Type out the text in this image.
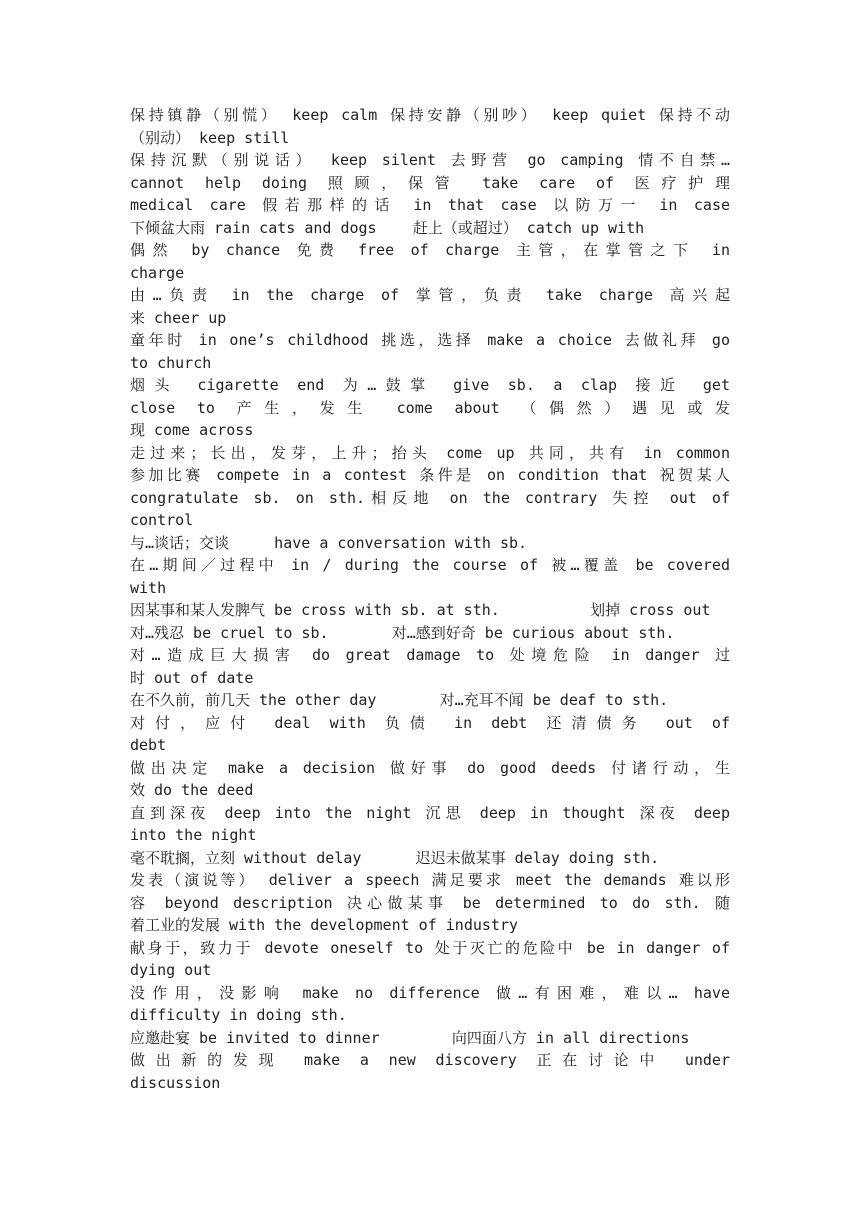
保持镇静（别慌） keep calm 保持安静（别吵） keep quiet 保持不动
（别动） keep still
保持沉默（别说话） keep silent 去野营 go camping 情不自禁…
cannot help doing 照顾，保管 take care of 医疗护理
medical care 假若那样的话 in that case 以防万一 in case
下倾盆大雨 rain cats and dogs    赶上（或超过） catch up with
偶然 by chance 免费 free of charge 主管，在掌管之下 in
charge
由…负责 in the charge of 掌管，负责 take charge 高兴起
来 cheer up
童年时 in one’s childhood 挑选，选择 make a choice 去做礼拜 go
to church
烟头 cigarette end 为…鼓掌 give sb. a clap 接近 get
close to 产生，发生 come about （偶然）遇见或发
现 come across
走过来；长出，发芽，上升；抬头 come up 共同，共有 in common
参加比赛 compete in a contest 条件是 on condition that 祝贺某人
congratulate sb. on sth.相反地 on the contrary 失控 out of
control
与…谈话；交谈     have a conversation with sb.
在…期间／过程中 in / during the course of 被…覆盖 be covered
with
因某事和某人发脾气 be cross with sb. at sth.          划掉 cross out
对…残忍 be cruel to sb.       对…感到好奇 be curious about sth.
对…造成巨大损害 do great damage to 处境危险 in danger 过
时 out of date
在不久前，前几天 the other day       对…充耳不闻 be deaf to sth.
对付，应付 deal with 负债 in debt 还清债务 out of
debt
做出决定 make a decision 做好事 do good deeds 付诸行动，生
效 do the deed
直到深夜 deep into the night 沉思 deep in thought 深夜 deep
into the night
毫不耽搁，立刻 without delay      迟迟未做某事 delay doing sth.
发表（演说等） deliver a speech 满足要求 meet the demands 难以形
容 beyond description 决心做某事 be determined to do sth. 随
着工业的发展 with the development of industry
献身于，致力于 devote oneself to 处于灭亡的危险中 be in danger of
dying out
没作用，没影响 make no difference 做…有困难，难以… have
difficulty in doing sth.
应邀赴宴 be invited to dinner        向四面八方 in all directions
做出新的发现 make a new discovery 正在讨论中 under
discussion
